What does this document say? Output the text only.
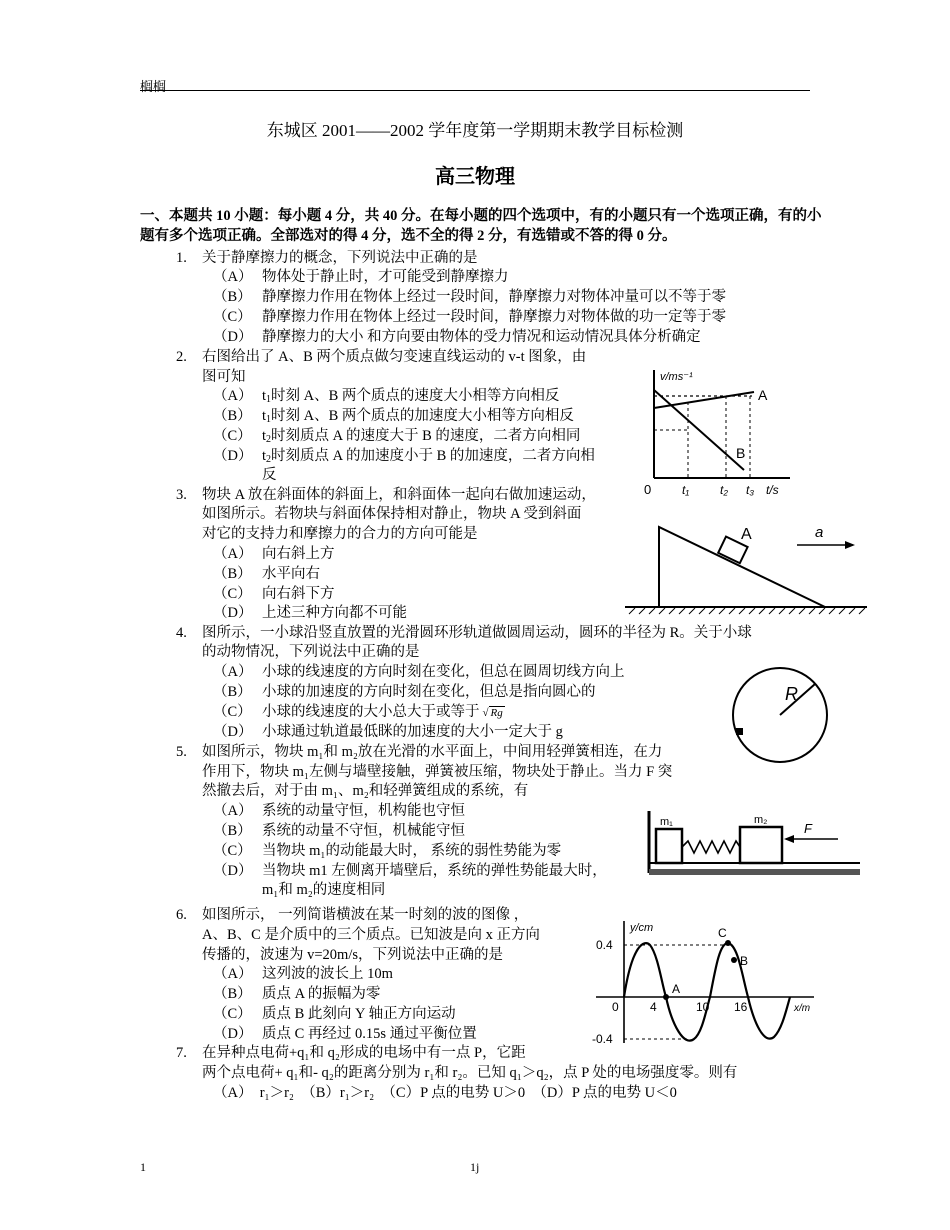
榈榈
东城区 2001——2002 学年度第一学期期末教学目标检测
高三物理
一、本题共 10 小题：每小题 4 分，共 40 分。在每小题的四个选项中，有的小题只有一个选项正确，有的小题有多个选项正确。全部选对的得 4 分，选不全的得 2 分，有选错或不答的得 0 分。
1. 关于静摩擦力的概念，下列说法中正确的是
（A） 物体处于静止时，才可能受到静摩擦力
（B） 静摩擦力作用在物体上经过一段时间，静摩擦力对物体冲量可以不等于零
（C） 静摩擦力作用在物体上经过一段时间，静摩擦力对物体做的功一定等于零
（D） 静摩擦力的大小 和方向要由物体的受力情况和运动情况具体分析确定
2. 右图给出了 A、B 两个质点做匀变速直线运动的 v-t 图象，由
图可知
（A） $t_1$时刻 A、B 两个质点的速度大小相等方向相反
（B） $t_1$时刻 A、B 两个质点的加速度大小相等方向相反
（C） $t_2$时刻质点 A 的速度大于 B 的速度，二者方向相同
（D） $t_2$时刻质点 A 的加速度小于 B 的加速度，二者方向相
反
v/ms⁻¹
A
B
0	t₁	t₂ t₃ t/s
3. 物块 A 放在斜面体的斜面上，和斜面体一起向右做加速运动，
如图所示。若物块与斜面体保持相对静止，物块 A 受到斜面
对它的支持力和摩擦力的合力的方向可能是
（A） 向右斜上方
（B） 水平向右
（C） 向右斜下方
（D） 上述三种方向都不可能
A	a
4. 图所示，一小球沿竖直放置的光滑圆环形轨道做圆周运动，圆环的半径为 R。关于小球
的动物情况，下列说法中正确的是
（A） 小球的线速度的方向时刻在变化，但总在圆周切线方向上
（B） 小球的加速度的方向时刻在变化，但总是指向圆心的
（C） 小球的线速度的大小总大于或等于 √ Rg
（D） 小球通过轨道最低眯的加速度的大小一定大于 g
R
5. 如图所示，物块 m₁和 m₂放在光滑的水平面上，中间用轻弹簧相连，在力
作用下，物块 m₁左侧与墙壁接触，弹簧被压缩，物块处于静止。当力 F 突
然撤去后，对于由 m₁、m₂和轻弹簧组成的系统，有
（A） 系统的动量守恒，机构能也守恒
（B） 系统的动量不守恒，机械能守恒
（C） 当物块 m₁的动能最大时， 系统的弱性势能为零
（D） 当物块 m1 左侧离开墙壁后，系统的弹性势能最大时，
m₁和 m₂的速度相同
m₁	m₂
F
6. 如图所示， 一列简谐横波在某一时刻的波的图像 ，
A、B、C 是介质中的三个质点。已知波是向 x 正方向
传播的，波速为 v=20m/s，下列说法中正确的是
（A） 这列波的波长上 10m
（B） 质点 A 的振幅为零
（C） 质点 B 此刻向 Y 轴正方向运动
（D） 质点 C 再经过 0.15s 通过平衡位置
y/cm
x/m
0.4
-0.4
0
A
B
C
4	10 16
7. 在异种点电荷+q₁和 q₂形成的电场中有一点 P，它距
两个点电荷+ q₁和- q₂的距离分别为 r₁和 r₂。已知 q₁＞q₂，点 P 处的电场强度零。则有
（A）　r₁＞r₂　（B）r₁＞r₂　（C）P 点的电势 U＞0　（D）P 点的电势 U＜0
1	1j
